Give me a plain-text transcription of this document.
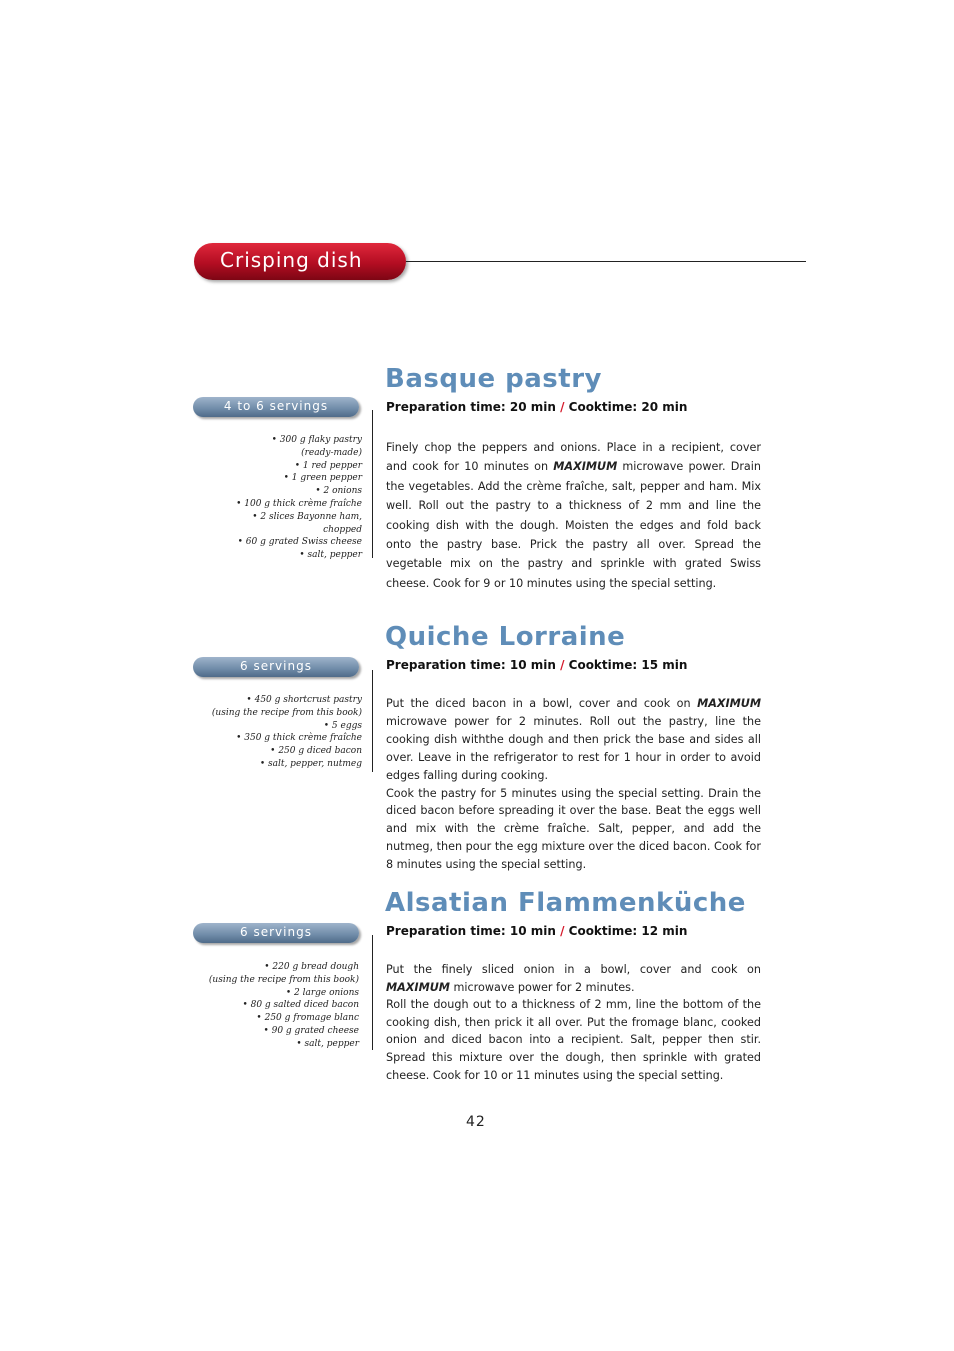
Crisping dish
Basque pastry
Preparation time: 20 min / Cooktime: 20 min
4 to 6 servings
• 300 g flaky pastry
(ready-made)
• 1 red pepper
• 1 green pepper
• 2 onions
• 100 g thick crème fraîche
• 2 slices Bayonne ham,
chopped
• 60 g grated Swiss cheese
• salt, pepper

Finely chop the peppers and onions. Place in a recipient, cover and cook for 10 minutes on MAXIMUM microwave power. Drain the vegetables. Add the crème fraîche, salt, pepper and ham. Mix well. Roll out the pastry to a thickness of 2 mm and line the cooking dish with the dough. Moisten the edges and fold back onto the pastry base. Prick the pastry all over. Spread the vegetable mix on the pastry and sprinkle with grated Swiss cheese. Cook for 9 or 10 minutes using the special setting.

Quiche Lorraine
Preparation time: 10 min / Cooktime: 15 min
6 servings
• 450 g shortcrust pastry
(using the recipe from this book)
• 5 eggs
• 350 g thick crème fraîche
• 250 g diced bacon
• salt, pepper, nutmeg

Put the diced bacon in a bowl, cover and cook on MAXIMUM microwave power for 2 minutes. Roll out the pastry, line the cooking dish withthe dough and then prick the base and sides all over. Leave in the refrigerator to rest for 1 hour in order to avoid edges falling during cooking.

Cook the pastry for 5 minutes using the special setting. Drain the diced bacon before spreading it over the base. Beat the eggs well and mix with the crème fraîche. Salt, pepper, and add the nutmeg, then pour the egg mixture over the diced bacon. Cook for 8 minutes using the special setting.

Alsatian Flammenküche
Preparation time: 10 min / Cooktime: 12 min
6 servings
• 220 g bread dough
(using the recipe from this book)
• 2 large onions
• 80 g salted diced bacon
• 250 g fromage blanc
• 90 g grated cheese
• salt, pepper

Put the finely sliced onion in a bowl, cover and cook on MAXIMUM microwave power for 2 minutes.

Roll the dough out to a thickness of 2 mm, line the bottom of the cooking dish, then prick it all over. Put the fromage blanc, cooked onion and diced bacon into a recipient. Salt, pepper then stir. Spread this mixture over the dough, then sprinkle with grated cheese. Cook for 10 or 11 minutes using the special setting.

42
